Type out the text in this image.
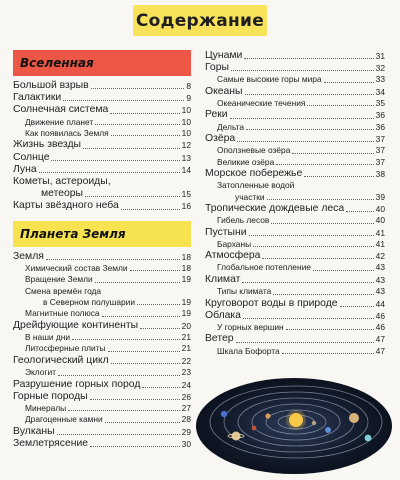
Содержание
Вселенная
Большой взрыв	8
Галактики	9
Солнечная система	10
Движение планет	10
Как появилась Земля	10
Жизнь звезды	12
Солнце	13
Луна	14
Кометы, астероиды,
метеоры	15
Карты звёздного неба	16
Планета Земля
Земля	18
Химический состав Земли	18
Вращение Земли	19
Смена времён года
в Северном полушарии	19
Магнитные полюса	19
Дрейфующие континенты	20
В наши дни	21
Литосферные плиты	21
Геологический цикл	22
Эклогит	23
Разрушение горных пород	24
Горные породы	26
Минералы	27
Драгоценные камни	28
Вулканы	29
Землетрясение	30
Цунами	31
Горы	32
Самые высокие горы мира	33
Океаны	34
Океанические течения	35
Реки	36
Дельта	36
Озёра	37
Оползневые озёра	37
Великие озёра	37
Морское побережье	38
Затопленные водой
участки	39
Тропические дождевые леса	40
Гибель лесов	40
Пустыни	41
Барханы	41
Атмосфера	42
Глобальное потепление	43
Климат	43
Типы климата	43
Круговорот воды в природе	44
Облака	46
У горных вершин	46
Ветер	47
Шкала Бофорта	47
